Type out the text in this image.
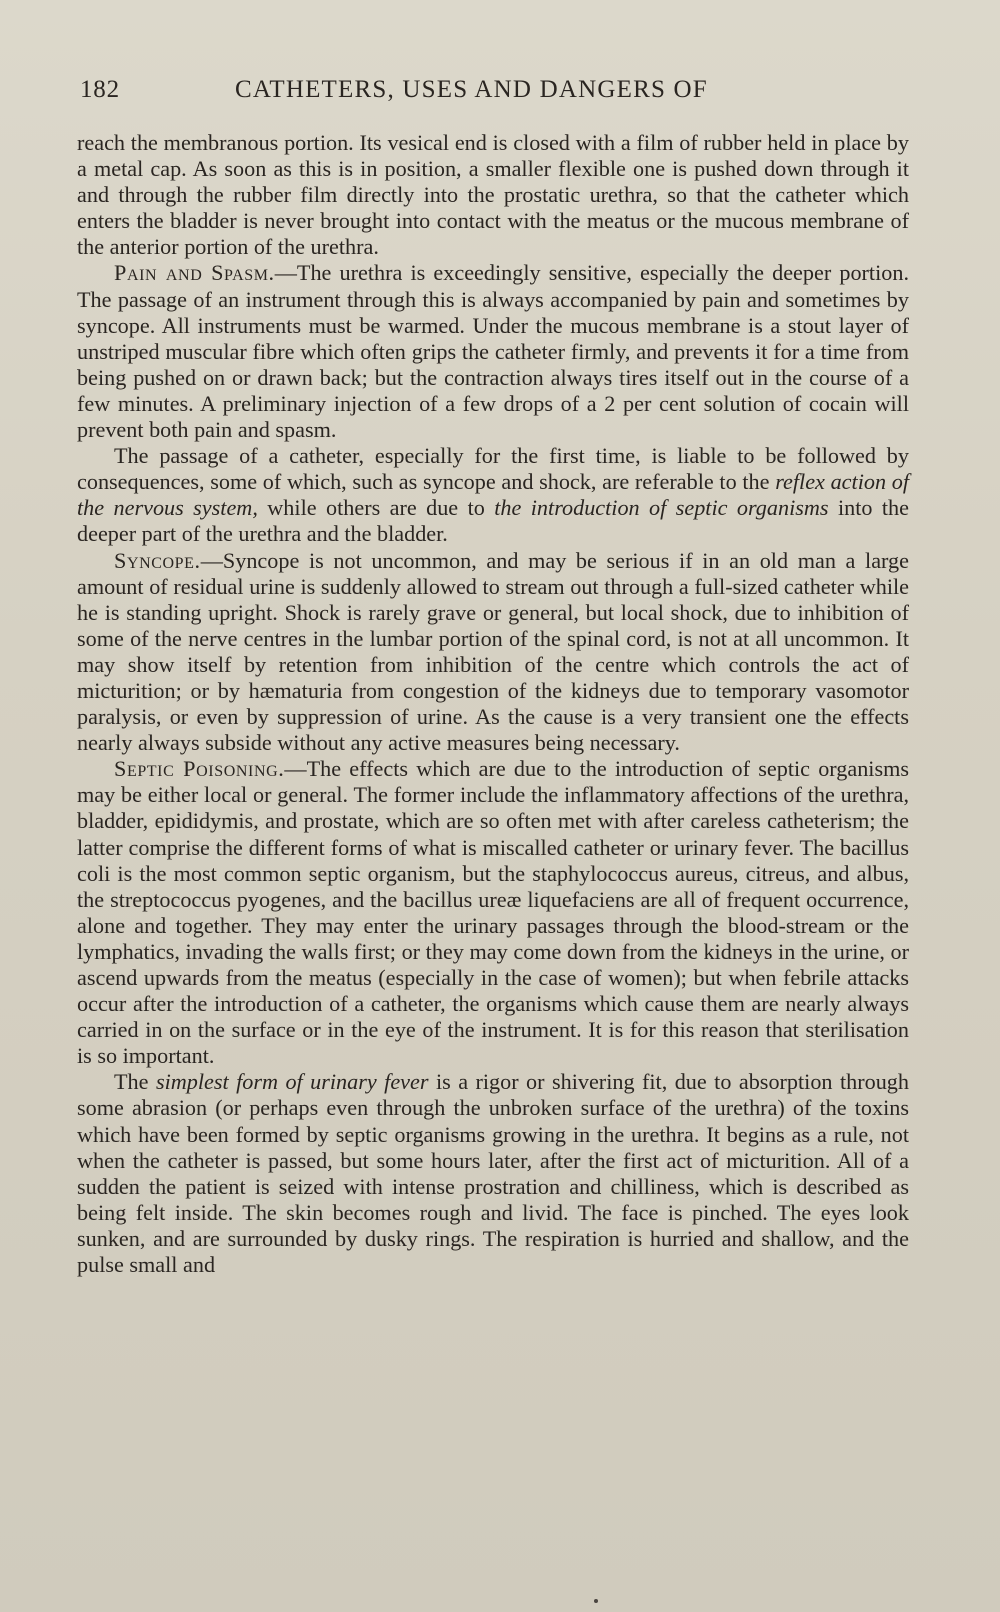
182	CATHETERS, USES AND DANGERS OF

reach the membranous portion. Its vesical end is closed with a film of rubber held in place by a metal cap. As soon as this is in position, a smaller flexible one is pushed down through it and through the rubber film directly into the prostatic urethra, so that the catheter which enters the bladder is never brought into contact with the meatus or the mucous membrane of the anterior portion of the urethra.

Pain and Spasm.—The urethra is exceedingly sensitive, especially the deeper portion. The passage of an instrument through this is always accompanied by pain and sometimes by syncope. All instruments must be warmed. Under the mucous membrane is a stout layer of unstriped muscular fibre which often grips the catheter firmly, and prevents it for a time from being pushed on or drawn back; but the contraction always tires itself out in the course of a few minutes. A preliminary injection of a few drops of a 2 per cent solution of cocain will prevent both pain and spasm.

The passage of a catheter, especially for the first time, is liable to be followed by consequences, some of which, such as syncope and shock, are referable to the reflex action of the nervous system, while others are due to the introduction of septic organisms into the deeper part of the urethra and the bladder.

Syncope.—Syncope is not uncommon, and may be serious if in an old man a large amount of residual urine is suddenly allowed to stream out through a full-sized catheter while he is standing upright. Shock is rarely grave or general, but local shock, due to inhibition of some of the nerve centres in the lumbar portion of the spinal cord, is not at all uncommon. It may show itself by retention from inhibition of the centre which controls the act of micturition; or by hæmaturia from congestion of the kidneys due to temporary vasomotor paralysis, or even by suppression of urine. As the cause is a very transient one the effects nearly always subside without any active measures being necessary.

Septic Poisoning.—The effects which are due to the introduction of septic organisms may be either local or general. The former include the inflammatory affections of the urethra, bladder, epididymis, and prostate, which are so often met with after careless catheterism; the latter comprise the different forms of what is miscalled catheter or urinary fever. The bacillus coli is the most common septic organism, but the staphylococcus aureus, citreus, and albus, the streptococcus pyogenes, and the bacillus ureæ liquefaciens are all of frequent occurrence, alone and together. They may enter the urinary passages through the blood-stream or the lymphatics, invading the walls first; or they may come down from the kidneys in the urine, or ascend upwards from the meatus (especially in the case of women); but when febrile attacks occur after the introduction of a catheter, the organisms which cause them are nearly always carried in on the surface or in the eye of the instrument. It is for this reason that sterilisation is so important.

The simplest form of urinary fever is a rigor or shivering fit, due to absorption through some abrasion (or perhaps even through the unbroken surface of the urethra) of the toxins which have been formed by septic organisms growing in the urethra. It begins as a rule, not when the catheter is passed, but some hours later, after the first act of micturition. All of a sudden the patient is seized with intense prostration and chilliness, which is described as being felt inside. The skin becomes rough and livid. The face is pinched. The eyes look sunken, and are surrounded by dusky rings. The respiration is hurried and shallow, and the pulse small and
